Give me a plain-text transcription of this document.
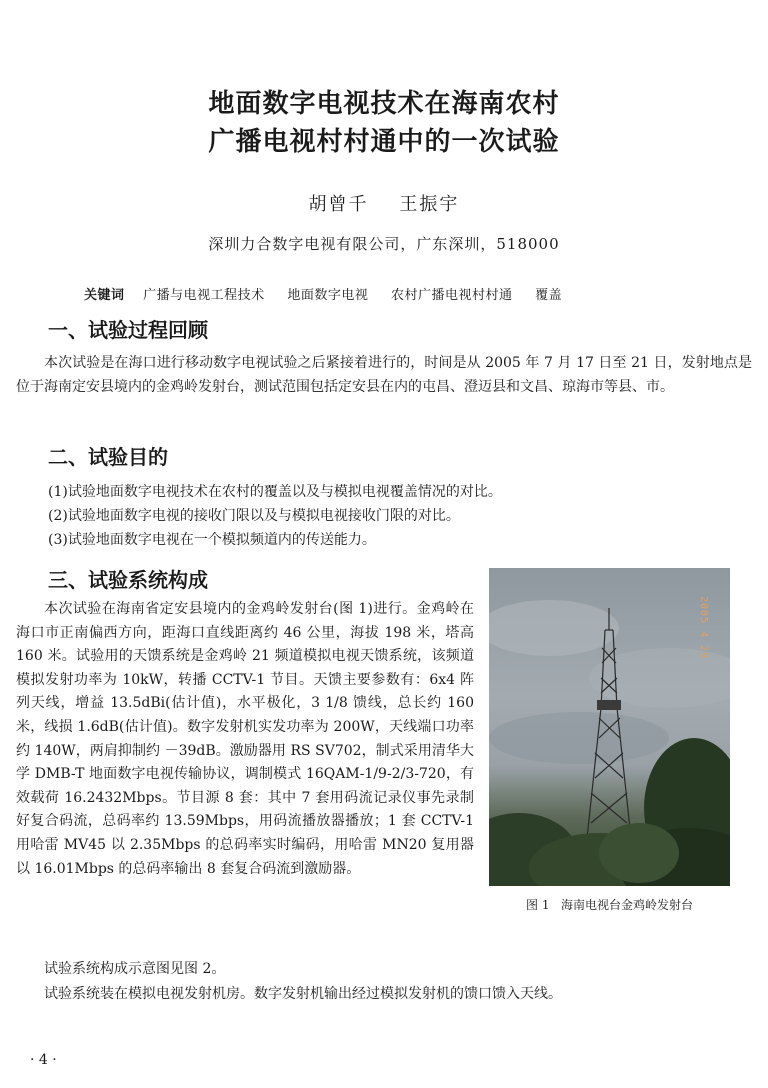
地面数字电视技术在海南农村
广播电视村村通中的一次试验
胡曾千    王振宇
深圳力合数字电视有限公司，广东深圳，518000
关键词 广播与电视工程技术 地面数字电视 农村广播电视村村通 覆盖
一、试验过程回顾
本次试验是在海口进行移动数字电视试验之后紧接着进行的，时间是从 2005 年 7 月 17 日至 21 日，发射地点是位于海南定安县境内的金鸡岭发射台，测试范围包括定安县在内的屯昌、澄迈县和文昌、琼海市等县、市。
二、试验目的
(1)试验地面数字电视技术在农村的覆盖以及与模拟电视覆盖情况的对比。
(2)试验地面数字电视的接收门限以及与模拟电视接收门限的对比。
(3)试验地面数字电视在一个模拟频道内的传送能力。
三、试验系统构成
本次试验在海南省定安县境内的金鸡岭发射台(图 1)进行。金鸡岭在海口市正南偏西方向，距海口直线距离约 46 公里，海拔 198 米，塔高 160 米。试验用的天馈系统是金鸡岭 21 频道模拟电视天馈系统，该频道模拟发射功率为 10kW，转播 CCTV-1 节目。天馈主要参数有：6x4 阵列天线，增益 13.5dBi(估计值)，水平极化，3 1/8 馈线，总长约 160 米，线损 1.6dB(估计值)。数字发射机实发功率为 200W，天线端口功率约 140W，两肩抑制约 －39dB。激励器用 RS SV702，制式采用清华大学 DMB-T 地面数字电视传输协议，调制模式 16QAM-1/9-2/3-720，有效载荷 16.2432Mbps。节目源 8 套：其中 7 套用码流记录仪事先录制好复合码流，总码率约 13.59Mbps，用码流播放器播放；1 套 CCTV-1 用哈雷 MV45 以 2.35Mbps 的总码率实时编码，用哈雷 MN20 复用器以 16.01Mbps 的总码率输出 8 套复合码流到激励器。
2005 4 29
图 1   海南电视台金鸡岭发射台
试验系统构成示意图见图 2。
试验系统装在模拟电视发射机房。数字发射机输出经过模拟发射机的馈口馈入天线。
· 4 ·
